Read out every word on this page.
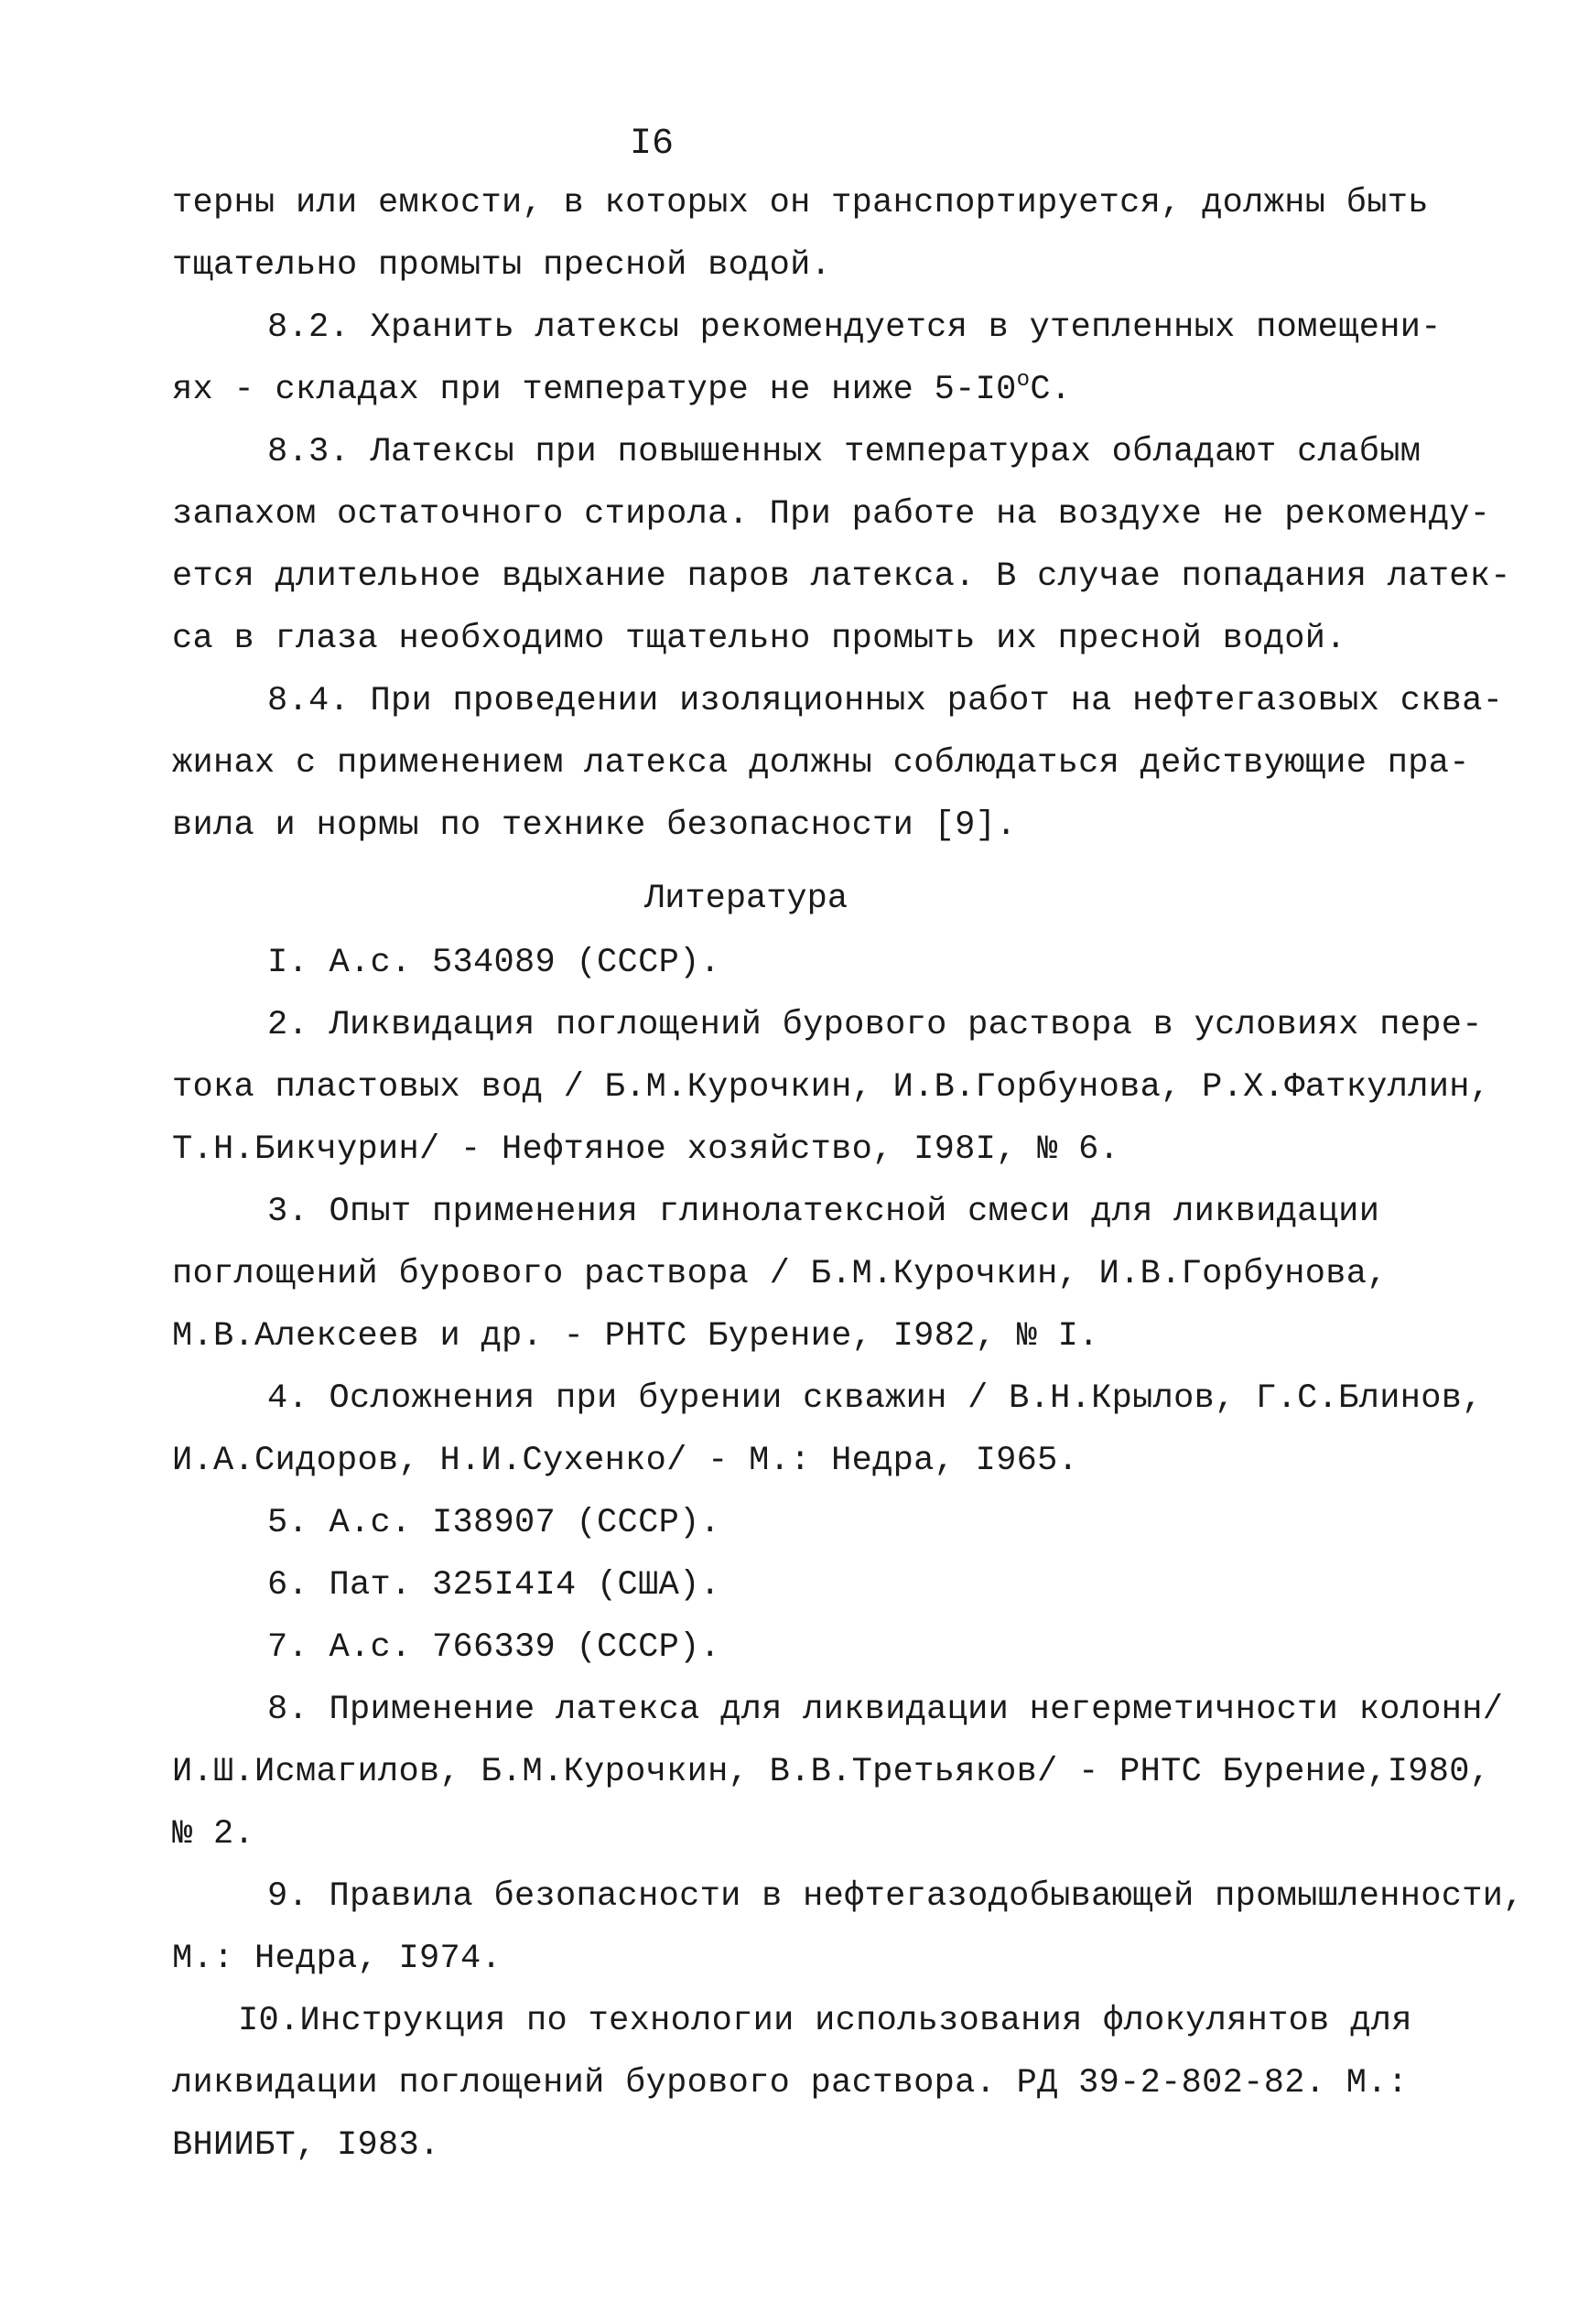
I6
терны или емкости, в которых он транспортируется, должны быть
тщательно промыты пресной водой.
8.2. Хранить латексы рекомендуется в утепленных помещени-
ях - складах при температуре не ниже $5-I0^оС$.
8.3. Латексы при повышенных температурах обладают слабым
запахом остаточного стирола. При работе на воздухе не рекоменду-
ется длительное вдыхание паров латекса. В случае попадания латек-
са в глаза необходимо тщательно промыть их пресной водой.
8.4. При проведении изоляционных работ на нефтегазовых сква-
жинах с применением латекса должны соблюдаться действующие пра-
вила и нормы по технике безопасности [9].
Литература
I. А.с. 534089 (СССР).
2. Ликвидация поглощений бурового раствора в условиях пере-
тока пластовых вод / Б.М.Курочкин, И.В.Горбунова, Р.Х.Фаткуллин,
Т.Н.Бикчурин/ - Нефтяное хозяйство, I98I, № 6.
3. Опыт применения глинолатексной смеси для ликвидации
поглощений бурового раствора / Б.М.Курочкин, И.В.Горбунова,
М.В.Алексеев и др. - РНТС Бурение, I982, № I.
4. Осложнения при бурении скважин / В.Н.Крылов, Г.С.Блинов,
И.А.Сидоров, Н.И.Сухенко/ - М.: Недра, I965.
5. А.с. I38907 (СССР).
6. Пат. 325I4I4 (США).
7. А.с. 766339 (СССР).
8. Применение латекса для ликвидации негерметичности колонн/
И.Ш.Исмагилов, Б.М.Курочкин, В.В.Третьяков/ - РНТС Бурение,I980,
№ 2.
9. Правила безопасности в нефтегазодобывающей промышленности,
М.: Недра, I974.
I0.Инструкция по технологии использования флокулянтов для
ликвидации поглощений бурового раствора. РД 39-2-802-82. М.:
ВНИИБТ, I983.
